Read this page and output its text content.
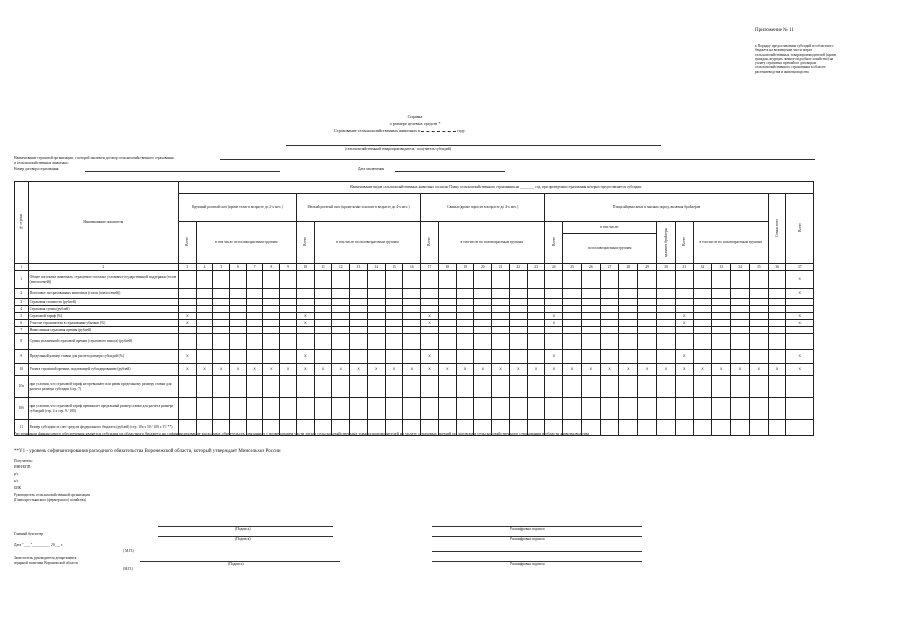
Приложение № 11
к Порядку предоставления субсидий из областного бюджета на возмещение части затрат сельскохозяйственных товаропроизводителей (кроме граждан, ведущих личное подсобное хозяйство) на уплату страховых премий по договорам сельскохозяйственного страхования в области растениеводства и животноводства
Справка
о размере целевых средств *
Страхование сельскохозяйственных животных в	году
(сельскохозяйственный товаропроизводитель - получатель субсидий)
Наименование страховой организации, с которой заключен договор сельскохозяйственного страхования
и сельскохозяйственных животных:
Номер договора страхования:	Дата заключения
№ строки	Наименование показателя	Наименование видов сельскохозяйственных животных согласно Плану сельскохозяйственного страхования на ________ год, при проведении страхования которых предоставляется субсидия:																																		
		Крупный рогатый скот (кроме телят в возрасте до 2-х мес.)							Мелкий рогатый скот (кроме ягнят и козлят в возрасте до 4-х мес.)							Свиньи (кроме поросят в возрасте до 4-х мес.)							Птица яйценоскеых и мясных пород, включая бройлеров												Семьи пчел	Всего
		Всего	в том числе по половозрастным группам						Всего	в том числе по половозрастным группам						Всего	в том числе по половозрастным группам						Всего	в том числе:					цыплята бройлеры	Всего	в том числе по половозрастным группам					
																								по половозрастным группам												
1	2	3	4	5	6	7	8	9	10	11	12	13	14	15	16	17	18	19	20	21	22	23	24	25	26	27	28	29	30	31	32	33	34	35	36	37
1	Общее поголовье животных, страхуемое согласно условиям государственной поддержки (голов (пчелосемей))																																			X
2	Поголовье застрахованных животных (голов (пчелосемей))																																			X
3	Страховая стоимость (рублей)																																			
4	Страховая сумма (рублей)																																			
5	Страховой тариф (%)	X							X							X							X							X						X
6	Участие страхователя в страховании убытков (%)	X							X							X							X							X						X
7	Начисленная страховая премия (рублей)																																			
8	Сумма уплаченной страховой премии (страхового взноса) (рублей)																																			
9	Предельный размер ставки для расчета размера субсидий (%)	X							X							X							X							X						X
10	Уплата страховой премии, подлежащей субсидированию (рублей)	X	X	X	X	X	X	X	X	X	X	X	X	X	X	X	X	X	X	X	X	X	X	X	X	X	X	X	X	X	X	X	X	X	X	X
10a	при условии, что страховой тариф не превышает или равен предельному размеру ставки для расчета размера субсидии (стр. 7)																																			
10б	при условии, что страховой тариф превышает предельный размер ставки для расчета размера субсидий (стр. 4 х стр. 9 / 100)																																			
11	Размер субсидии за счет средств федерального бюджета (рублей) (стр. 10a х 50 / 100 х Y1 **)																																			
*источником финансового обеспечения является субсидия из областного бюджета на софинансирование расходных обязательств, связанных с возмещением части затрат сельскохозяйственных товаропроизводителей на уплату страховых премий по договорам сельскохозяйственного страхования в области животноводства
**Y1 - уровень софинансирования расходного обязательства Воронежской области, который утверждает Минсельхоз России
Получатель:
ИНН/КПП:
р/с
к/с
БИК
Руководитель сельскохозяйственной организации
(Глава крестьянского (фермерского) хозяйства)
(Подпись)	Расшифровка подписи
Главный бухгалтер
(Подпись)	Расшифровка подписи
Дата "____"__________ 20___ г.
( М.П.)
Заместитель руководителя департамента
аграрной политики Воронежской области	(Подпись)	Расшифровка подписи
(М.П.)
